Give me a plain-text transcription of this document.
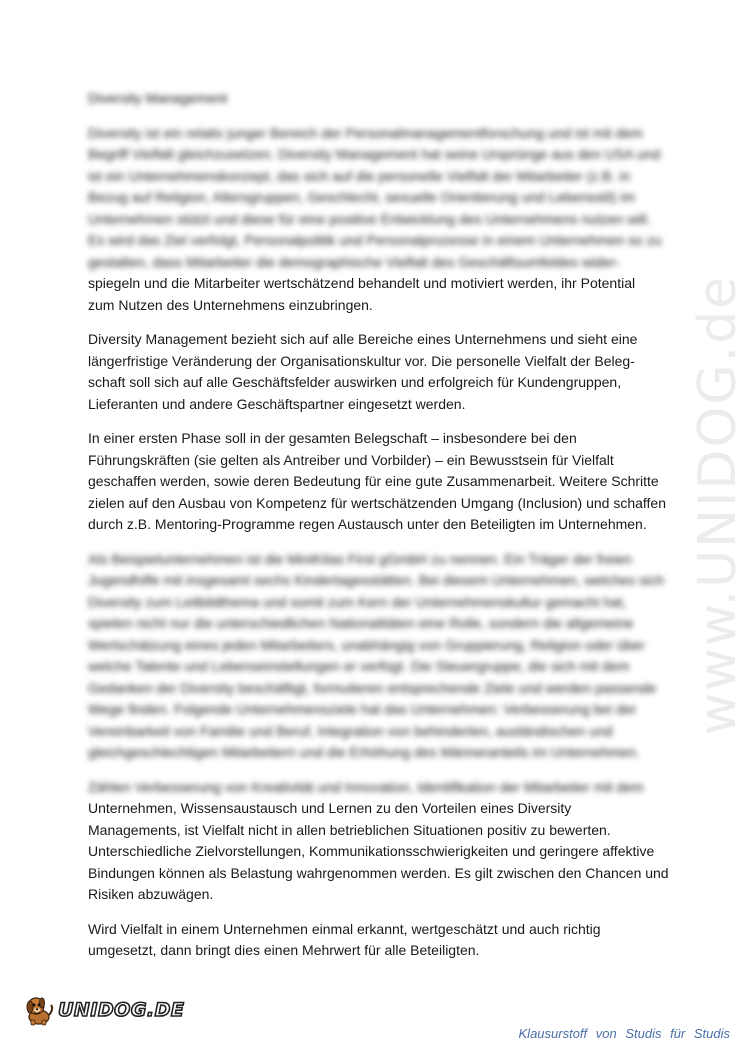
www.UNIDOG.de
Diversity Management
Diversity ist ein relativ junger Bereich der Personalmanagementforschung und ist mit dem
Begriff Vielfalt gleichzusetzen. Diversity Management hat seine Ursprünge aus den USA und
ist ein Unternehmenskonzept, das sich auf die personelle Vielfalt der Mitarbeiter (z.B. in
Bezug auf Religion, Altersgruppen, Geschlecht, sexuelle Orientierung und Lebensstil) im
Unternehmen stützt und diese für eine positive Entwicklung des Unternehmens nutzen will.
Es wird das Ziel verfolgt, Personalpolitik und Personalprozesse in einem Unternehmen so zu
gestalten, dass Mitarbeiter die demographische Vielfalt des Geschäftsumfeldes wider-
spiegeln und die Mitarbeiter wertschätzend behandelt und motiviert werden, ihr Potential
zum Nutzen des Unternehmens einzubringen.
Diversity Management bezieht sich auf alle Bereiche eines Unternehmens und sieht eine
längerfristige Veränderung der Organisationskultur vor. Die personelle Vielfalt der Beleg-
schaft soll sich auf alle Geschäftsfelder auswirken und erfolgreich für Kundengruppen,
Lieferanten und andere Geschäftspartner eingesetzt werden.
In einer ersten Phase soll in der gesamten Belegschaft – insbesondere bei den
Führungskräften (sie gelten als Antreiber und Vorbilder) – ein Bewusstsein für Vielfalt
geschaffen werden, sowie deren Bedeutung für eine gute Zusammenarbeit. Weitere Schritte
zielen auf den Ausbau von Kompetenz für wertschätzenden Umgang (Inclusion) und schaffen
durch z.B. Mentoring-Programme regen Austausch unter den Beteiligten im Unternehmen.
Als Beispielunternehmen ist die MiniKitas First gGmbH zu nennen. Ein Träger der freien
Jugendhilfe mit insgesamt sechs Kindertagesstätten. Bei diesem Unternehmen, welches sich
Diversity zum Leitbildthema und somit zum Kern der Unternehmenskultur gemacht hat,
spielen nicht nur die unterschiedlichen Nationalitäten eine Rolle, sondern die allgemeine
Wertschätzung eines jeden Mitarbeiters, unabhängig von Gruppierung, Religion oder über
welche Talente und Lebenseinstellungen er verfügt. Die Steuergruppe, die sich mit dem
Gedanken der Diversity beschäftigt, formulieren entsprechende Ziele und werden passende
Wege finden. Folgende Unternehmensziele hat das Unternehmen: Verbesserung bei der
Vereinbarkeit von Familie und Beruf, Integration von behinderten, ausländischen und
gleichgeschlechtigen Mitarbeitern und die Erhöhung des Männeranteils im Unternehmen.
Zählen Verbesserung von Kreativität und Innovation, Identifikation der Mitarbeiter mit dem
Unternehmen, Wissensaustausch und Lernen zu den Vorteilen eines Diversity
Managements, ist Vielfalt nicht in allen betrieblichen Situationen positiv zu bewerten.
Unterschiedliche Zielvorstellungen, Kommunikationsschwierigkeiten und geringere affektive
Bindungen können als Belastung wahrgenommen werden. Es gilt zwischen den Chancen und
Risiken abzuwägen.
Wird Vielfalt in einem Unternehmen einmal erkannt, wertgeschätzt und auch richtig
umgesetzt, dann bringt dies einen Mehrwert für alle Beteiligten.
UNIDOG.DE
Klausurstoff von Studis für Studis
